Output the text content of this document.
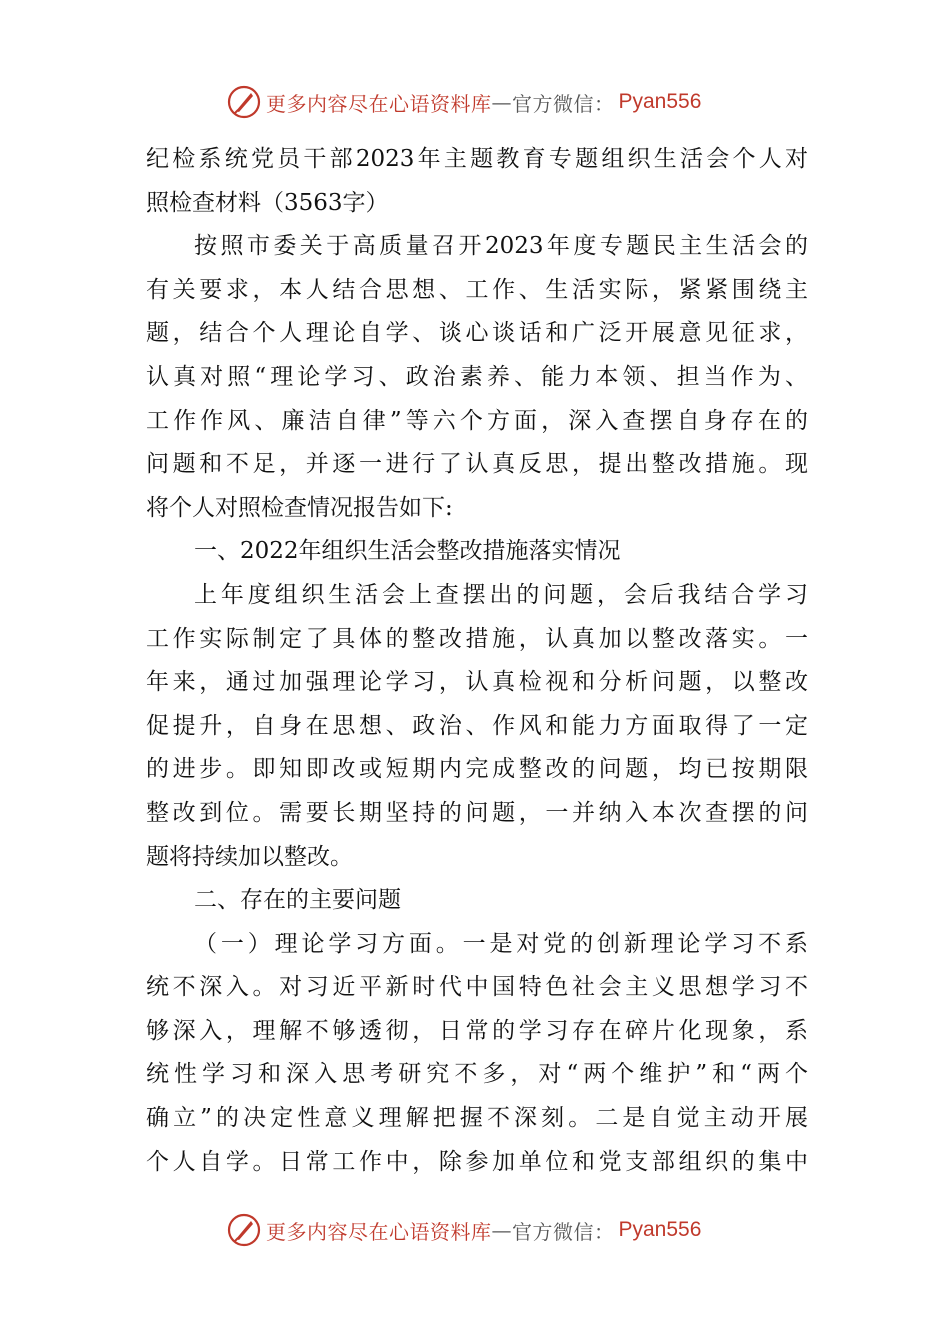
更多内容尽在心语资料库 — 官方微信： Pyan556
纪检系统党员干部2023年主题教育专题组织生活会个人对
照检查材料（3563字）
按照市委关于高质量召开2023年度专题民主生活会的
有关要求，本人结合思想、工作、生活实际，紧紧围绕主
题，结合个人理论自学、谈心谈话和广泛开展意见征求，
认真对照“理论学习、政治素养、能力本领、担当作为、
工作作风、廉洁自律”等六个方面，深入查摆自身存在的
问题和不足，并逐一进行了认真反思，提出整改措施。现
将个人对照检查情况报告如下:
一、2022年组织生活会整改措施落实情况
上年度组织生活会上查摆出的问题，会后我结合学习
工作实际制定了具体的整改措施，认真加以整改落实。一
年来，通过加强理论学习，认真检视和分析问题，以整改
促提升，自身在思想、政治、作风和能力方面取得了一定
的进步。即知即改或短期内完成整改的问题，均已按期限
整改到位。需要长期坚持的问题，一并纳入本次查摆的问
题将持续加以整改。
二、存在的主要问题
（一）理论学习方面。一是对党的创新理论学习不系
统不深入。对习近平新时代中国特色社会主义思想学习不
够深入，理解不够透彻，日常的学习存在碎片化现象，系
统性学习和深入思考研究不多，对“两个维护”和“两个
确立”的决定性意义理解把握不深刻。二是自觉主动开展
个人自学。日常工作中，除参加单位和党支部组织的集中
更多内容尽在心语资料库 — 官方微信： Pyan556
